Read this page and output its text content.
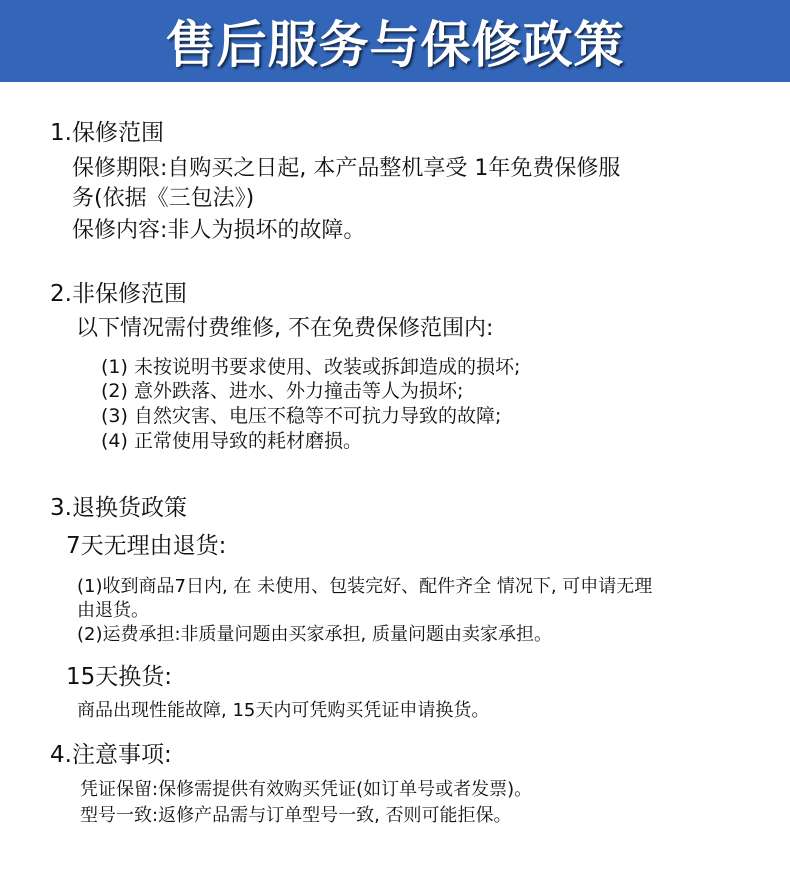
售后服务与保修政策
1.保修范围
保修期限:自购买之日起, 本产品整机享受 1年免费保修服
务(依据《三包法》)
保修内容:非人为损坏的故障。
2.非保修范围
以下情况需付费维修, 不在免费保修范围内:
(1) 未按说明书要求使用、改装或拆卸造成的损坏;
(2) 意外跌落、进水、外力撞击等人为损坏;
(3) 自然灾害、电压不稳等不可抗力导致的故障;
(4) 正常使用导致的耗材磨损。
3.退换货政策
7天无理由退货:
(1)收到商品7日内, 在 未使用、包装完好、配件齐全 情况下, 可申请无理
由退货。
(2)运费承担:非质量问题由买家承担, 质量问题由卖家承担。
15天换货:
商品出现性能故障, 15天内可凭购买凭证申请换货。
4.注意事项:
凭证保留:保修需提供有效购买凭证(如订单号或者发票)。
型号一致:返修产品需与订单型号一致, 否则可能拒保。
